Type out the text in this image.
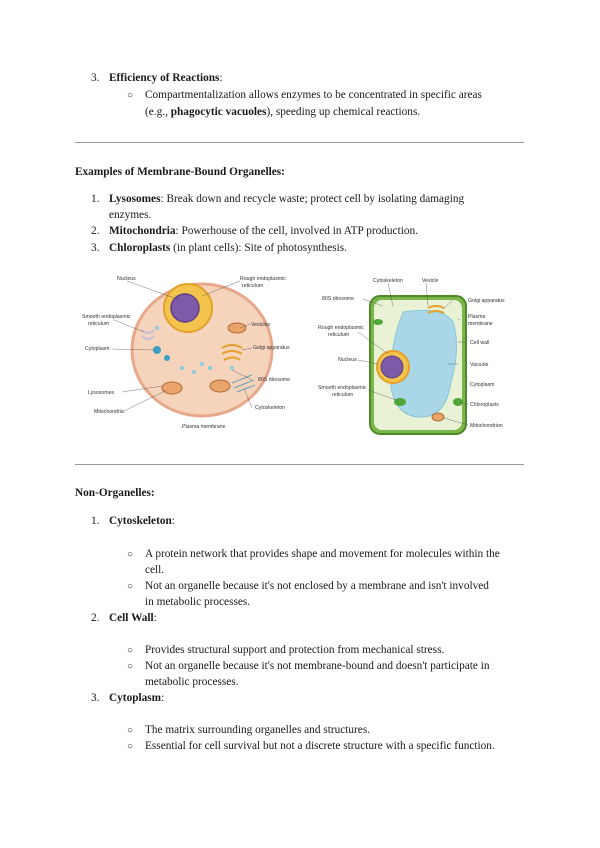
3. Efficiency of Reactions:
○ Compartmentalization allows enzymes to be concentrated in specific areas
(e.g., phagocytic vacuoles), speeding up chemical reactions.
Examples of Membrane-Bound Organelles:
1. Lysosomes: Break down and recycle waste; protect cell by isolating damaging
enzymes.
2. Mitochondria: Powerhouse of the cell, involved in ATP production.
3. Chloroplasts (in plant cells): Site of photosynthesis.
Nucleus	Rough endoplasmic
reticulum
Smooth endoplasmic
reticulum	Vesicles
Cytoplasm	Golgi apparatus
80S ribosome
Lysosomes
Cytoskeleton
Mitochondria
Plasma membrane
Cytoskeleton	Vesicle
80S ribosome	Golgi apparatus
Plasma
membrane
Rough endoplasmic
reticulum
Cell wall
Nucleus
Vacuole
Cytoplasm
Smooth endoplasmic
reticulum
Chloroplasts
Mitochondrion
Non-Organelles:
1. Cytoskeleton:
○ A protein network that provides shape and movement for molecules within the
cell.
○ Not an organelle because it's not enclosed by a membrane and isn't involved
in metabolic processes.
2. Cell Wall:
○ Provides structural support and protection from mechanical stress.
○ Not an organelle because it's not membrane-bound and doesn't participate in
metabolic processes.
3. Cytoplasm:
○ The matrix surrounding organelles and structures.
○ Essential for cell survival but not a discrete structure with a specific function.
